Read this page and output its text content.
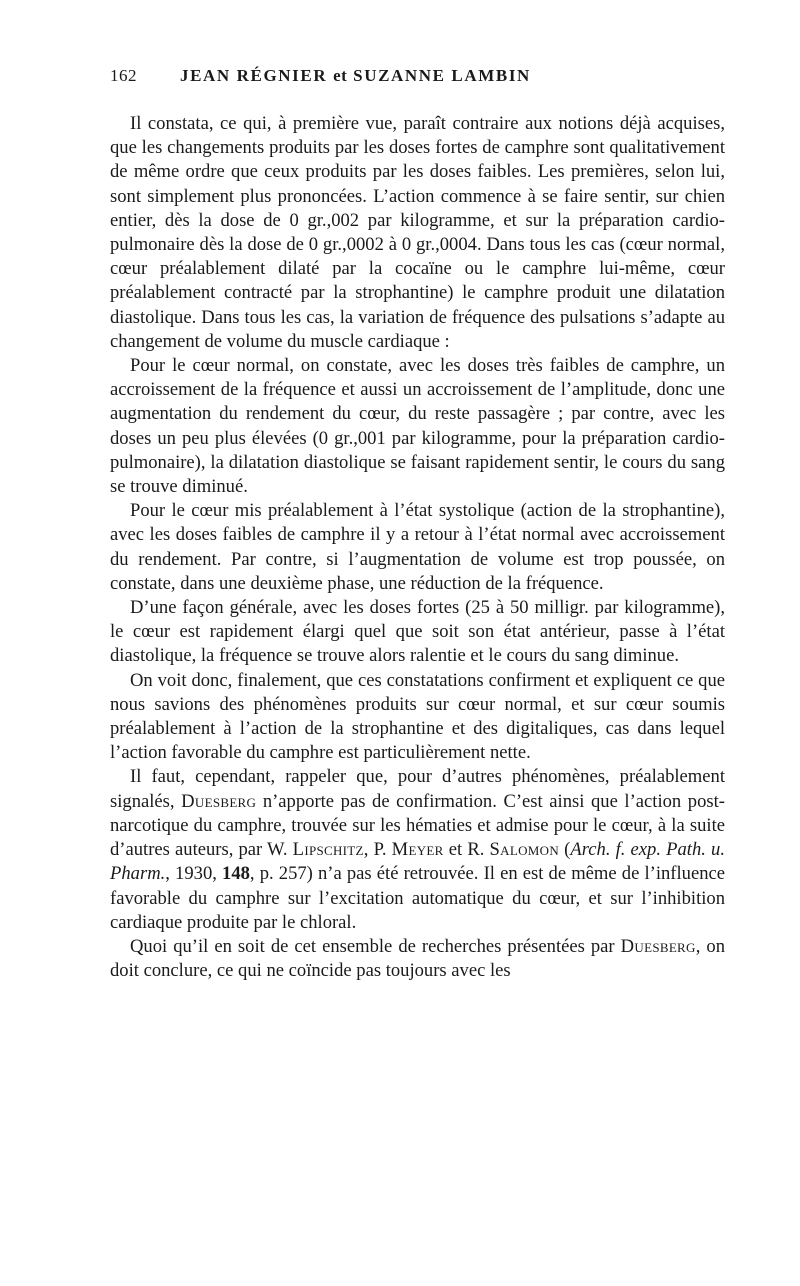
162	JEAN RÉGNIER et SUZANNE LAMBIN

Il constata, ce qui, à première vue, paraît contraire aux notions déjà acquises, que les changements produits par les doses fortes de camphre sont qualitativement de même ordre que ceux produits par les doses faibles. Les premières, selon lui, sont simplement plus prononcées. L’action commence à se faire sentir, sur chien entier, dès la dose de 0 gr.,002 par kilogramme, et sur la préparation cardio-pulmonaire dès la dose de 0 gr.,0002 à 0 gr.,0004. Dans tous les cas (cœur normal, cœur préalablement dilaté par la cocaïne ou le camphre lui-même, cœur préalablement contracté par la strophantine) le camphre produit une dilatation diastolique. Dans tous les cas, la variation de fréquence des pulsations s’adapte au changement de volume du muscle cardiaque :

Pour le cœur normal, on constate, avec les doses très faibles de camphre, un accroissement de la fréquence et aussi un accroissement de l’amplitude, donc une augmentation du rendement du cœur, du reste passagère ; par contre, avec les doses un peu plus élevées (0 gr.,001 par kilogramme, pour la préparation cardio-pulmonaire), la dilatation diastolique se faisant rapidement sentir, le cours du sang se trouve diminué.

Pour le cœur mis préalablement à l’état systolique (action de la strophantine), avec les doses faibles de camphre il y a retour à l’état normal avec accroissement du rendement. Par contre, si l’augmentation de volume est trop poussée, on constate, dans une deuxième phase, une réduction de la fréquence.

D’une façon générale, avec les doses fortes (25 à 50 milligr. par kilogramme), le cœur est rapidement élargi quel que soit son état antérieur, passe à l’état diastolique, la fréquence se trouve alors ralentie et le cours du sang diminue.

On voit donc, finalement, que ces constatations confirment et expliquent ce que nous savions des phénomènes produits sur cœur normal, et sur cœur soumis préalablement à l’action de la strophantine et des digitaliques, cas dans lequel l’action favorable du camphre est particulièrement nette.

Il faut, cependant, rappeler que, pour d’autres phénomènes, préalablement signalés, Duesberg n’apporte pas de confirmation. C’est ainsi que l’action post-narcotique du camphre, trouvée sur les hématies et admise pour le cœur, à la suite d’autres auteurs, par W. Lipschitz, P. Meyer et R. Salomon (Arch. f. exp. Path. u. Pharm., 1930, 148, p. 257) n’a pas été retrouvée. Il en est de même de l’influence favorable du camphre sur l’excitation automatique du cœur, et sur l’inhibition cardiaque produite par le chloral.

Quoi qu’il en soit de cet ensemble de recherches présentées par Duesberg, on doit conclure, ce qui ne coïncide pas toujours avec les
